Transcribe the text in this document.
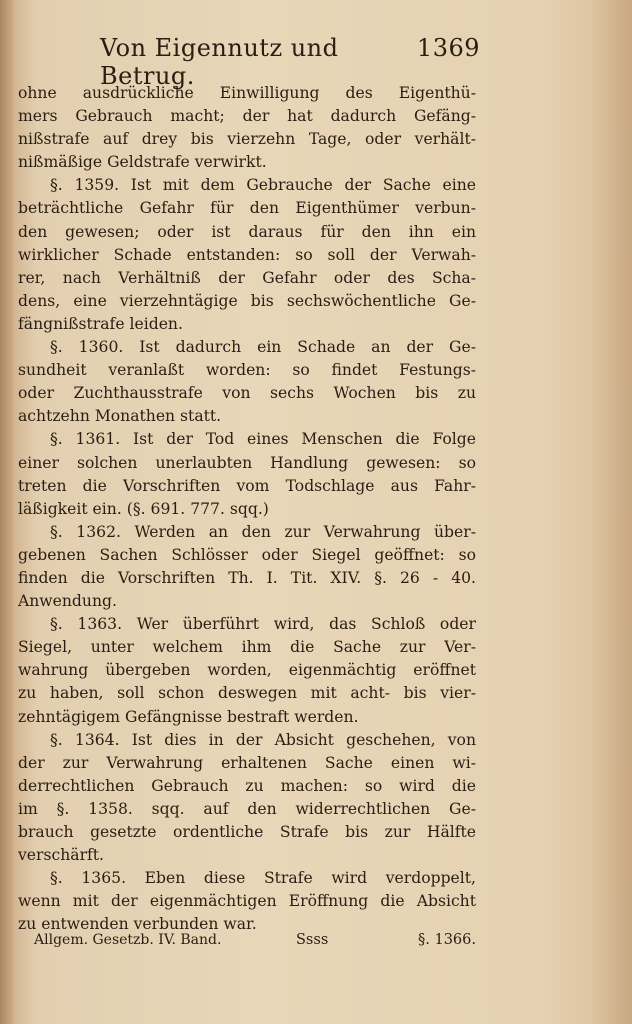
Von Eigennutz und Betrug.
1369
ohne ausdrückliche Einwilligung des Eigenthü-
mers Gebrauch macht; der hat dadurch Gefäng-
nißstrafe auf drey bis vierzehn Tage, oder verhält-
nißmäßige Geldstrafe verwirkt.
§. 1359. Ist mit dem Gebrauche der Sache eine
beträchtliche Gefahr für den Eigenthümer verbun-
den gewesen; oder ist daraus für den ihn ein
wirklicher Schade entstanden: so soll der Verwah-
rer, nach Verhältniß der Gefahr oder des Scha-
dens, eine vierzehntägige bis sechswöchentliche Ge-
fängnißstrafe leiden.
§. 1360. Ist dadurch ein Schade an der Ge-
sundheit veranlaßt worden: so findet Festungs-
oder Zuchthausstrafe von sechs Wochen bis zu
achtzehn Monathen statt.
§. 1361. Ist der Tod eines Menschen die Folge
einer solchen unerlaubten Handlung gewesen: so
treten die Vorschriften vom Todschlage aus Fahr-
läßigkeit ein. (§. 691. 777. sqq.)
§. 1362. Werden an den zur Verwahrung über-
gebenen Sachen Schlösser oder Siegel geöffnet: so
finden die Vorschriften Th. I. Tit. XIV. §. 26 - 40.
Anwendung.
§. 1363. Wer überführt wird, das Schloß oder
Siegel, unter welchem ihm die Sache zur Ver-
wahrung übergeben worden, eigenmächtig eröffnet
zu haben, soll schon deswegen mit acht- bis vier-
zehntägigem Gefängnisse bestraft werden.
§. 1364. Ist dies in der Absicht geschehen, von
der zur Verwahrung erhaltenen Sache einen wi-
derrechtlichen Gebrauch zu machen: so wird die
im §. 1358. sqq. auf den widerrechtlichen Ge-
brauch gesetzte ordentliche Strafe bis zur Hälfte
verschärft.
§. 1365. Eben diese Strafe wird verdoppelt,
wenn mit der eigenmächtigen Eröffnung die Absicht
zu entwenden verbunden war.
Allgem. Gesetzb. IV. Band.	Ssss	§. 1366.
